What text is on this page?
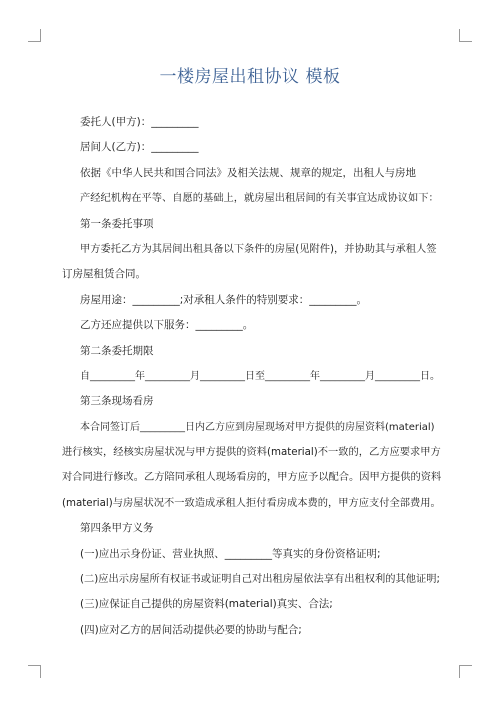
一楼房屋出租协议 模板
委托人(甲方)：_________
居间人(乙方)：_________
依据《中华人民共和国合同法》及相关法规、规章的规定，出租人与房地
产经纪机构在平等、自愿的基础上，就房屋出租居间的有关事宜达成协议如下：
第一条委托事项
甲方委托乙方为其居间出租具备以下条件的房屋(见附件)，并协助其与承租人签
订房屋租赁合同。
房屋用途：_________;对承租人条件的特别要求：_________。
乙方还应提供以下服务：_________。
第二条委托期限
自_________年_________月_________日至_________年_________月_________日。
第三条现场看房
本合同签订后_________日内乙方应到房屋现场对甲方提供的房屋资料(material)
进行核实，经核实房屋状况与甲方提供的资料(material)不一致的，乙方应要求甲方
对合同进行修改。乙方陪同承租人现场看房的，甲方应予以配合。因甲方提供的资料
(material)与房屋状况不一致造成承租人拒付看房成本费的，甲方应支付全部费用。
第四条甲方义务
(一)应出示身份证、营业执照、_________等真实的身份资格证明;
(二)应出示房屋所有权证书或证明自己对出租房屋依法享有出租权利的其他证明;
(三)应保证自己提供的房屋资料(material)真实、合法;
(四)应对乙方的居间活动提供必要的协助与配合;
